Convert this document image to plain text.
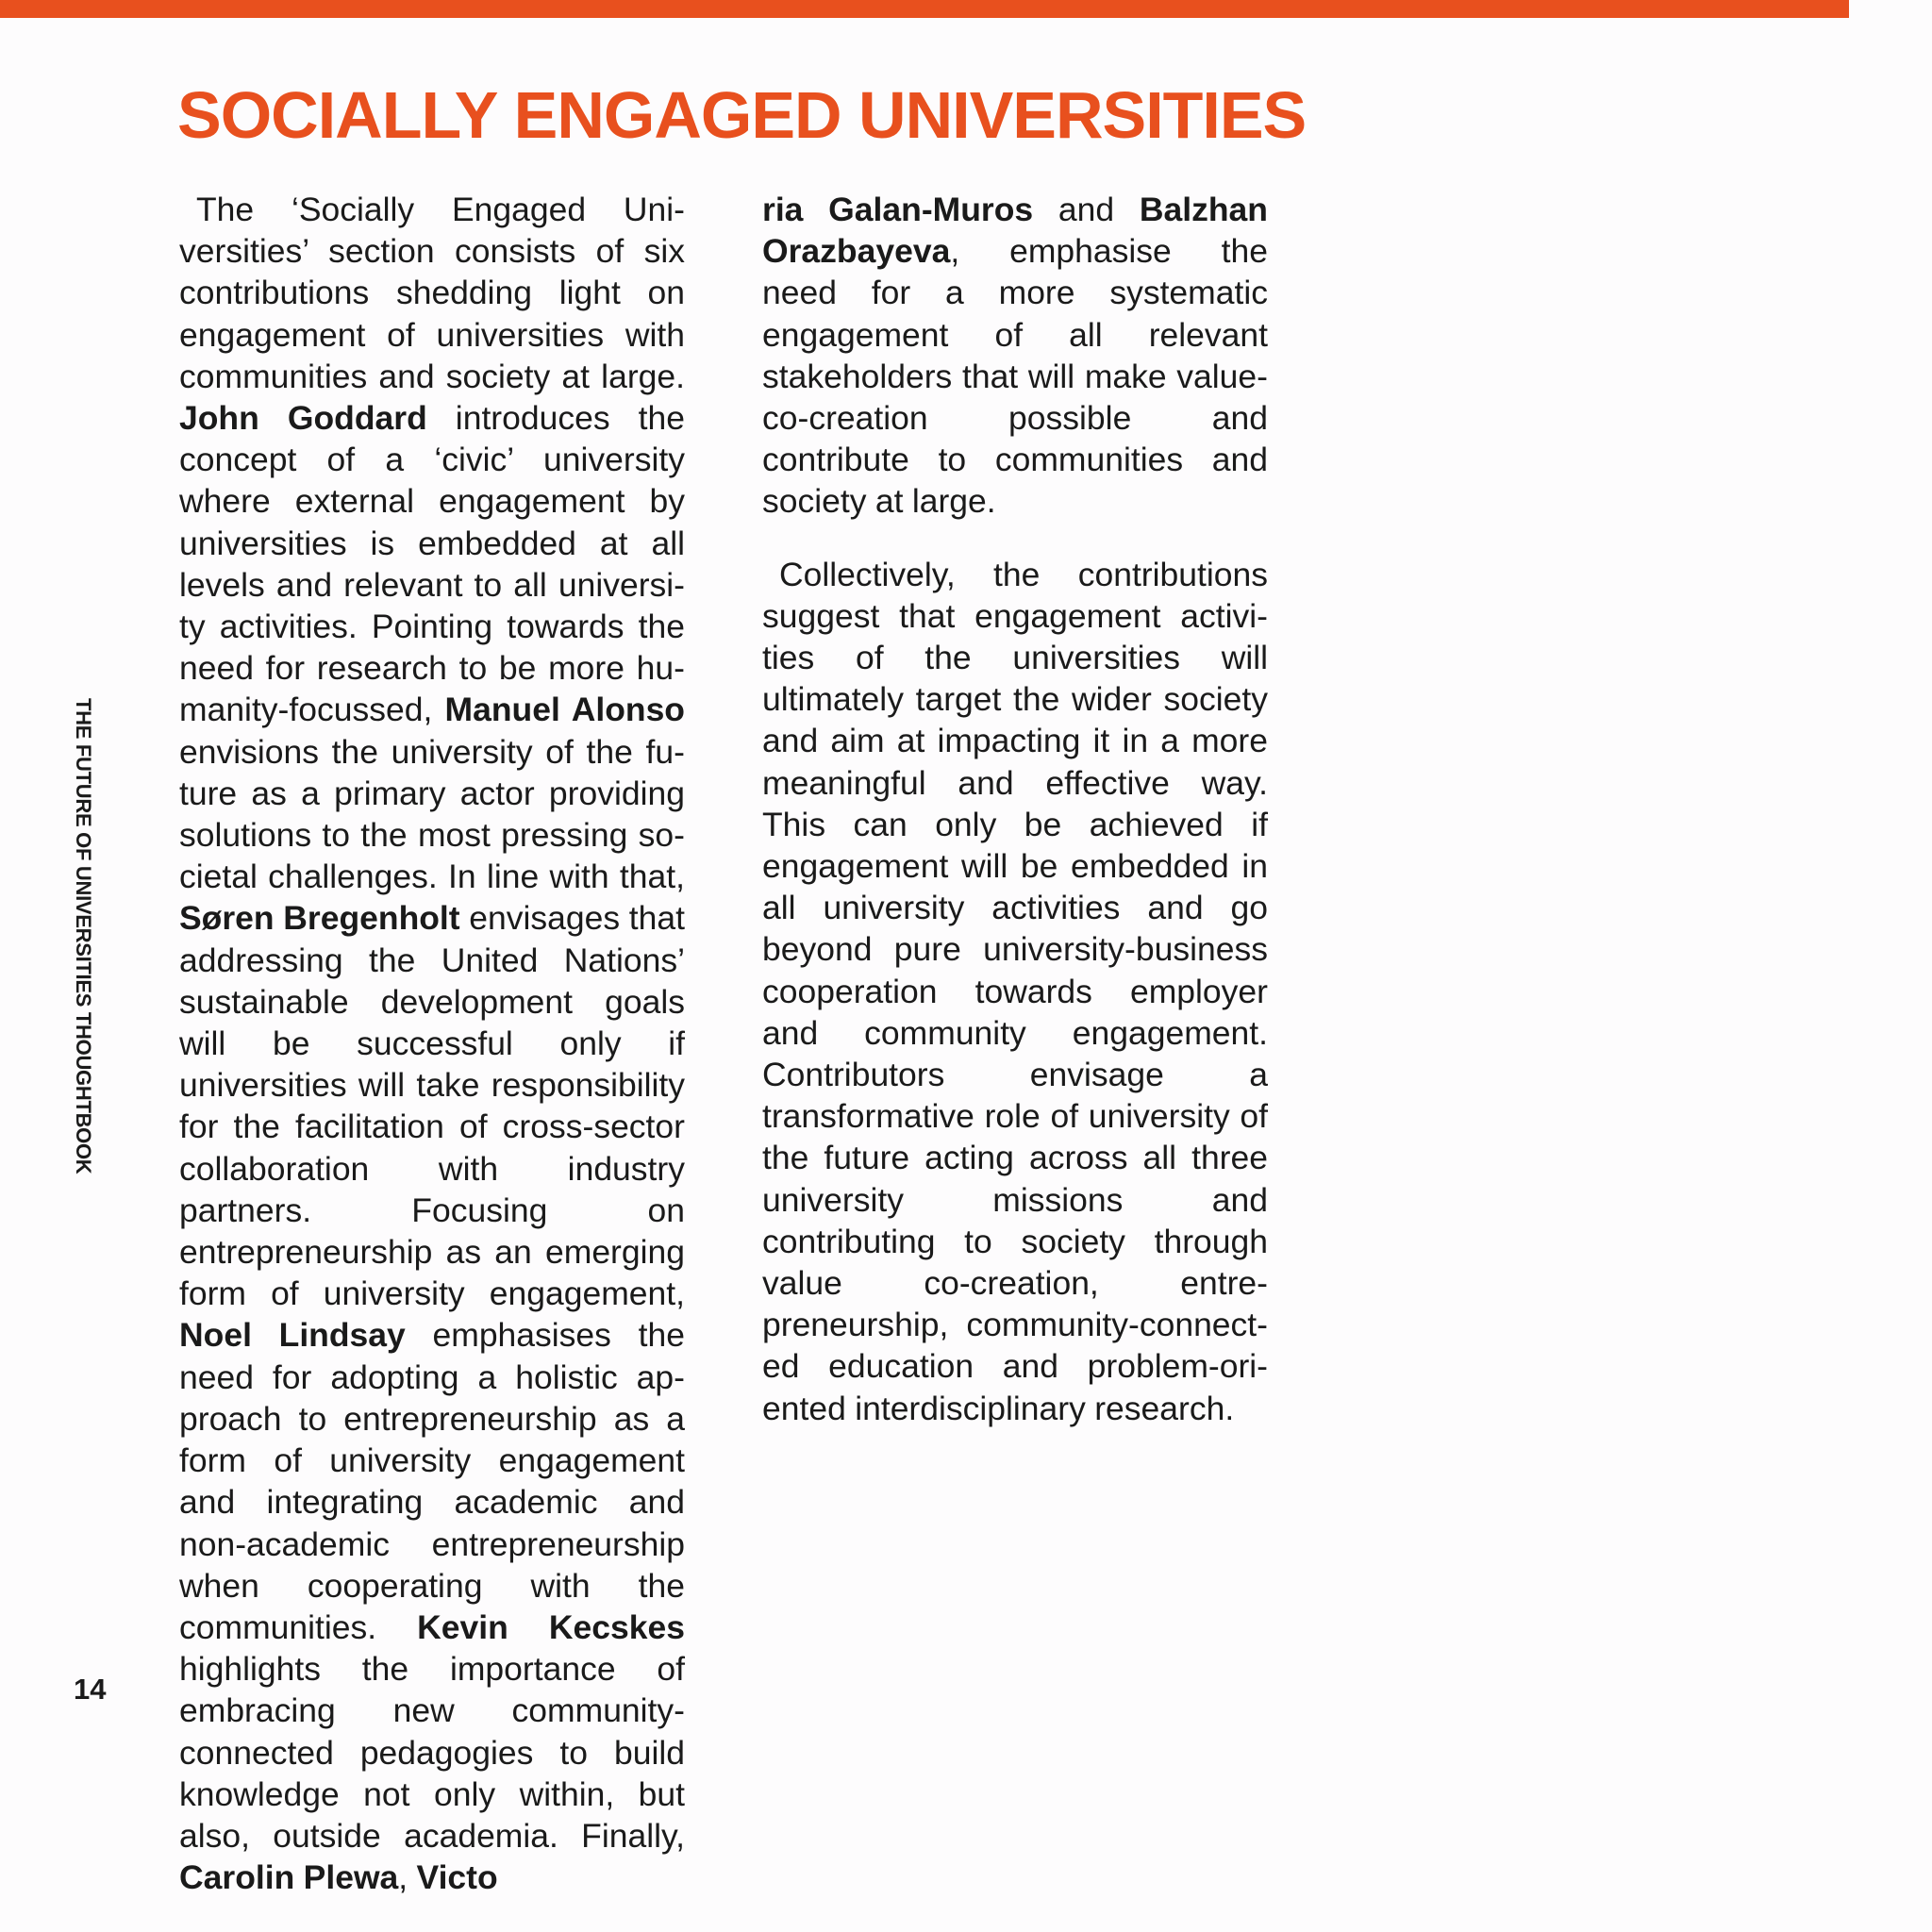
SOCIALLY ENGAGED UNIVERSITIES
THE FUTURE OF UNIVERSITIES THOUGHTBOOK
14

The ‘Socially Engaged Universities’ section consists of six contributions shedding light on engagement of universities with communities and society at large. John Goddard introduces the concept of a ‘civic’ university where external engagement by universities is embedded at all levels and relevant to all university activities. Pointing towards the need for research to be more humanity-focussed, Manuel Alonso envisions the university of the future as a primary actor providing solutions to the most pressing societal challenges. In line with that, Søren Bregenholt envisages that addressing the United Nations’ sustainable development goals will be successful only if universities will take responsibility for the facilitation of cross-sector collaboration with industry partners. Focusing on entrepreneurship as an emerging form of university engagement, Noel Lindsay emphasises the need for adopting a holistic approach to entrepreneurship as a form of university engagement and integrating academic and non-academic entrepreneurship when cooperating with the communities. Kevin Kecskes highlights the importance of embracing new community-connected pedagogies to build knowledge not only within, but also, outside academia. Finally, Carolin Plewa, Victo

ria Galan-Muros and Balzhan Orazbayeva, emphasise the need for a more systematic engagement of all relevant stakeholders that will make value-co-creation possible and contribute to communities and society at large.

Collectively, the contributions suggest that engagement activities of the universities will ultimately target the wider society and aim at impacting it in a more meaningful and effective way. This can only be achieved if engagement will be embedded in all university activities and go beyond pure university-business cooperation towards employer and community engagement. Contributors envisage a transformative role of university of the future acting across all three university missions and contributing to society through value co-creation, entrepreneurship, community-connected education and problem-oriented interdisciplinary research.
